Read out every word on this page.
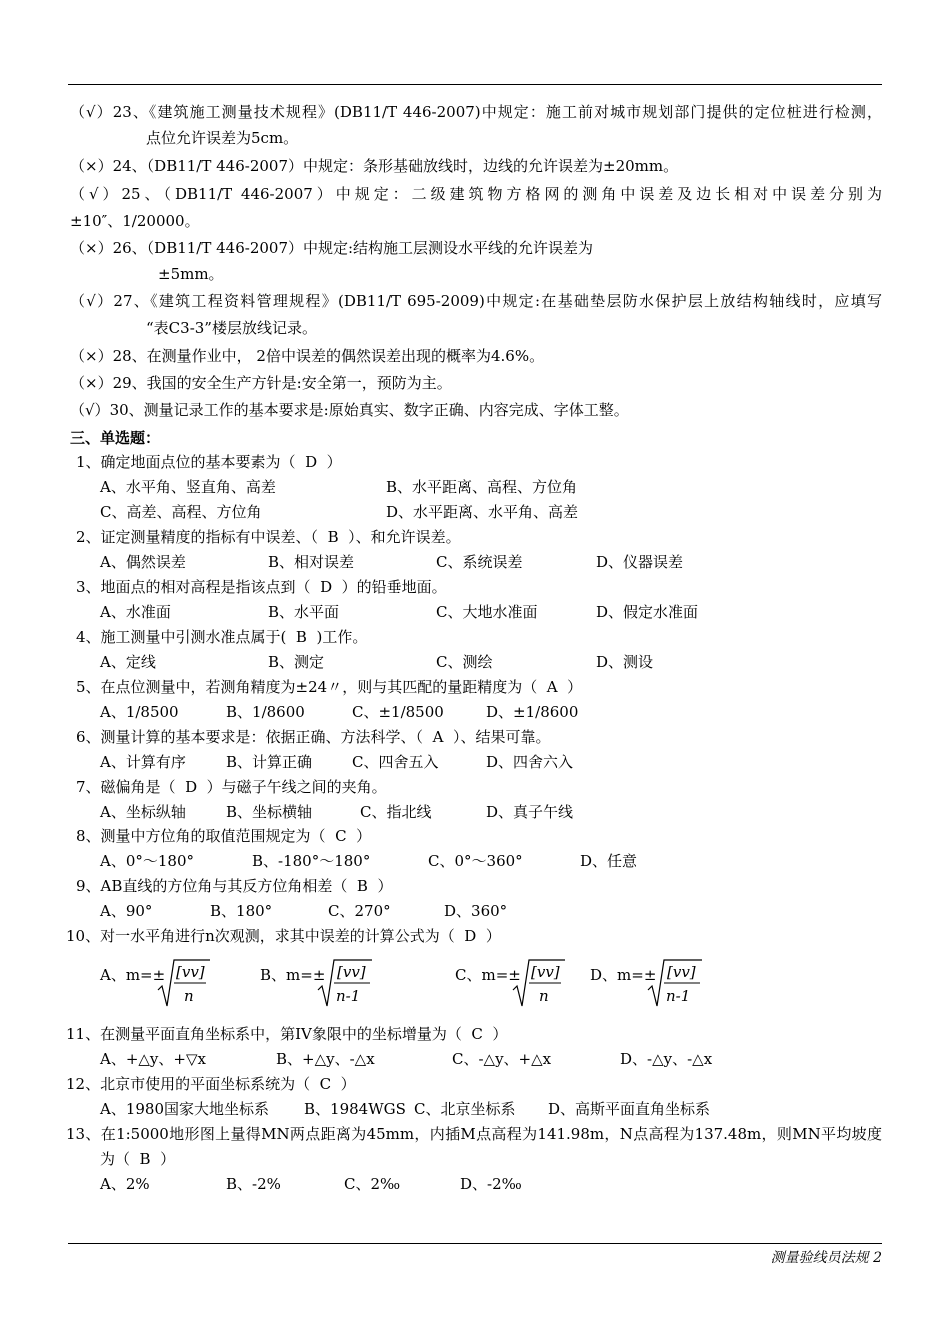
（√）23、《建筑施工测量技术规程》(DB11/T 446-2007)中规定：施工前对城市规划部门提供的定位桩进行检测，
点位允许误差为5cm。
（×）24、（DB11/T 446-2007）中规定：条形基础放线时，边线的允许误差为±20mm。
（√）25、（DB11/T 446-2007）中规定：二级建筑物方格网的测角中误差及边长相对中误差分别为
±10″、1/20000。
（×）26、（DB11/T 446-2007）中规定:结构施工层测设水平线的允许误差为
±5mm。
（√）27、《建筑工程资料管理规程》(DB11/T 695-2009)中规定:在基础垫层防水保护层上放结构轴线时，应填写
“表C3-3”楼层放线记录。
（×）28、在测量作业中， 2倍中误差的偶然误差出现的概率为4.6%。
（×）29、我国的安全生产方针是:安全第一，预防为主。
（√）30、测量记录工作的基本要求是:原始真实、数字正确、内容完成、字体工整。
三、单选题：
1、确定地面点位的基本要素为（  D  ）
A、水平角、竖直角、高差	B、水平距离、高程、方位角
C、高差、高程、方位角	D、水平距离、水平角、高差
2、证定测量精度的指标有中误差、（  B  ）、和允许误差。
A、偶然误差	B、相对误差	C、系统误差	D、仪器误差
3、地面点的相对高程是指该点到（  D  ）的铅垂地面。
A、水准面	B、水平面	C、大地水准面	D、假定水准面
4、施工测量中引测水准点属于(  B  )工作。
A、定线	B、测定	C、测绘	D、测设
5、在点位测量中，若测角精度为±24〃，则与其匹配的量距精度为（  A  ）
A、1/8500	B、1/8600	C、±1/8500	D、±1/8600
6、测量计算的基本要求是：依据正确、方法科学、（  A  ）、结果可靠。
A、计算有序	B、计算正确	C、四舍五入	D、四舍六入
7、磁偏角是（  D  ）与磁子午线之间的夹角。
A、坐标纵轴	B、坐标横轴	C、指北线	D、真子午线
8、测量中方位角的取值范围规定为（  C  ）
A、0°～180°	B、-180°～180°	C、0°～360°	D、任意
9、AB直线的方位角与其反方位角相差（  B  ）
A、90°	B、180°	C、270°	D、360°
10、对一水平角进行n次观测，求其中误差的计算公式为（  D  ）
A、m=± [vv]
n
B、m=± [vv]
n-1
C、m=± [vv]
n
D、m=± [vv]
n-1
11、在测量平面直角坐标系中，第IV象限中的坐标增量为（  C  ）
A、+△y、+▽x	B、+△y、-△x	C、-△y、+△x	D、-△y、-△x
12、北京市使用的平面坐标系统为（  C  ）
A、1980国家大地坐标系 B、1984WGS C、北京坐标系 D、高斯平面直角坐标系
13、在1:5000地形图上量得MN两点距离为45mm，内插M点高程为141.98m，N点高程为137.48m，则MN平均坡度
为（  B  ）
A、2%	B、-2%	C、2‰	D、-2‰
测量验线员法规 2
